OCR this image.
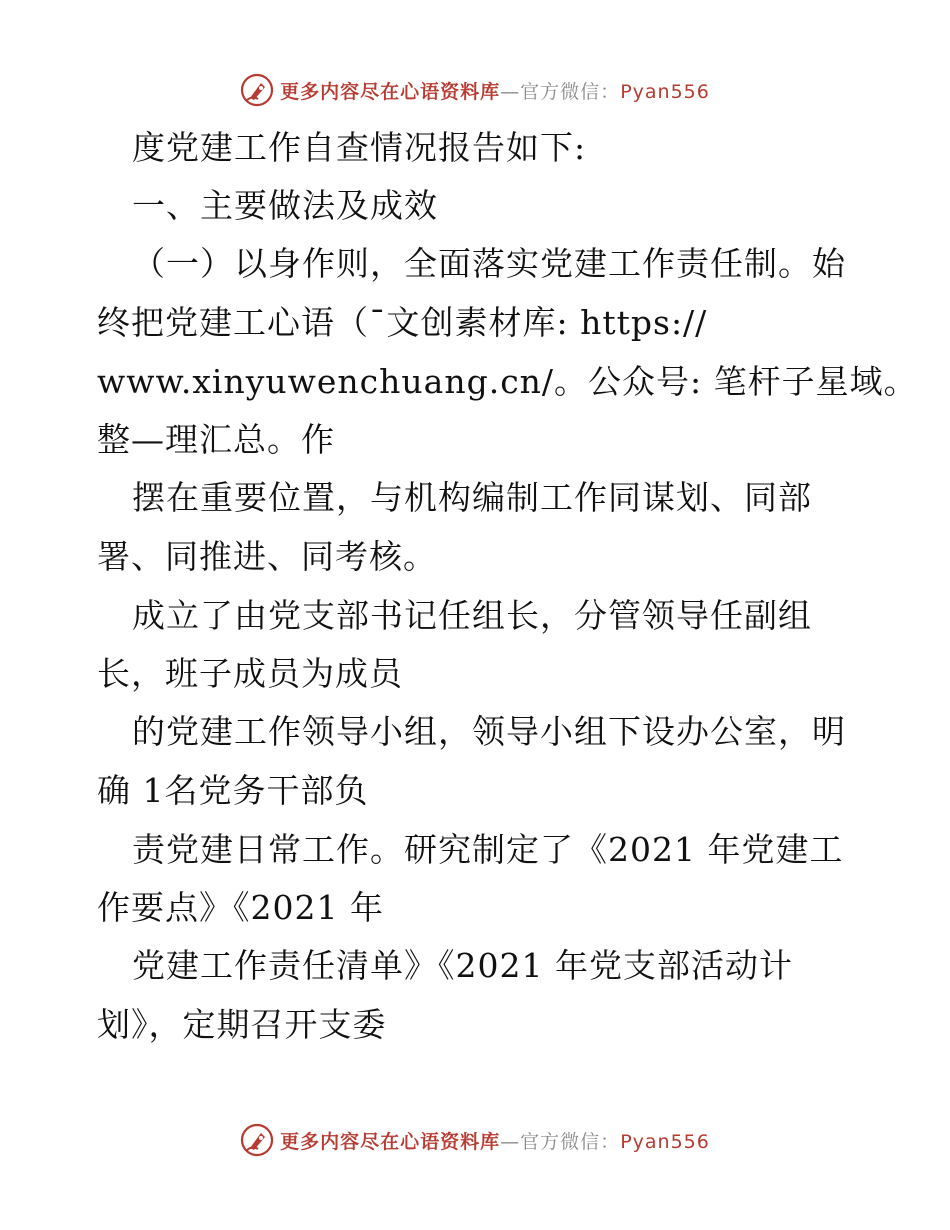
更多内容尽在心语资料库—官方微信：Pyan556
度党建工作自查情况报告如下:
一、主要做法及成效
（一）以身作则，全面落实党建工作责任制。始
终把党建工心语（¯文创素材库: https://
www.xinyuwenchuang.cn/。公众号: 笔杆子星域。
整—理汇总。作
摆在重要位置，与机构编制工作同谋划、同部
署、同推进、同考核。
成立了由党支部书记任组长，分管领导任副组
长，班子成员为成员
的党建工作领导小组，领导小组下设办公室，明
确 1名党务干部负
责党建日常工作。研究制定了《2021 年党建工
作要点》《2021 年
党建工作责任清单》《2021 年党支部活动计
划》，定期召开支委
更多内容尽在心语资料库—官方微信：Pyan556
